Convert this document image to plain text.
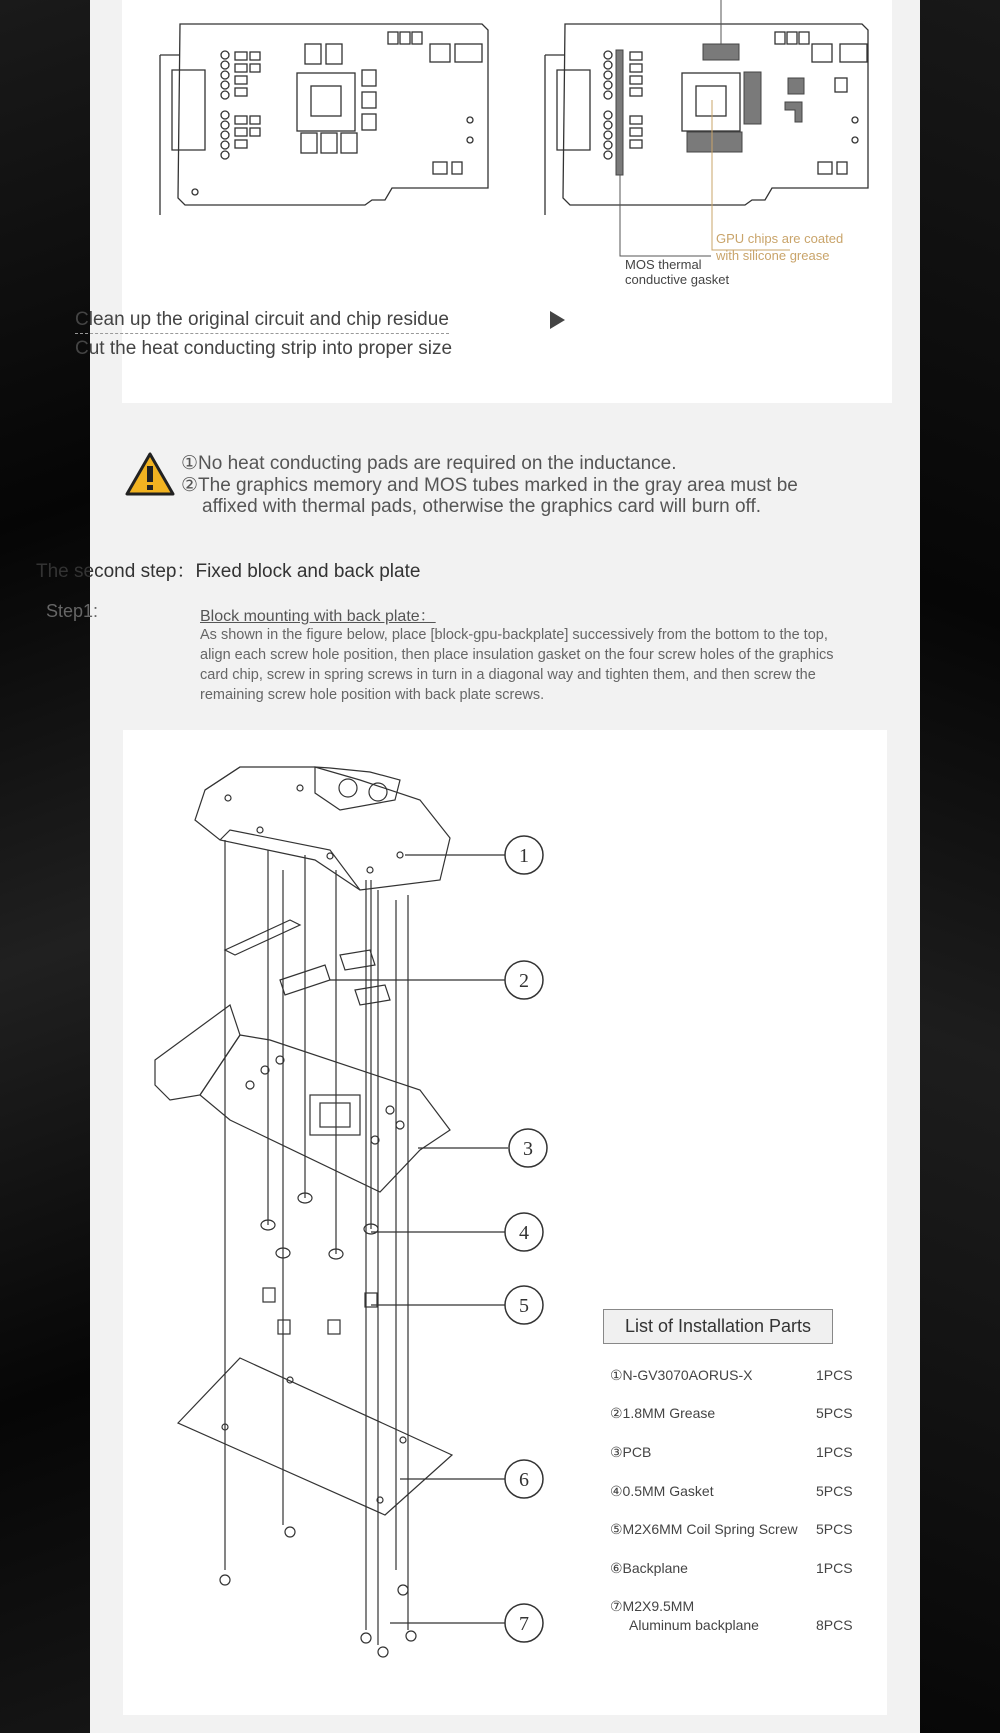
MOS thermal
conductive gasket
GPU chips are coated
with silicone grease
Clean up the original circuit and chip residue
Cut the heat conducting strip into proper size
①No heat conducting pads are required on the inductance.
②The graphics memory and MOS tubes marked in the gray area must be
affixed with thermal pads, otherwise the graphics card will burn off.
The second step：Fixed block and back plate
Step1:	Block mounting with back plate：
As shown in the figure below, place [block-gpu-backplate] successively from the bottom to the top, align each screw hole position, then place insulation gasket on the four screw holes of the graphics card chip, screw in spring screws in turn in a diagonal way and tighten them, and then screw the remaining screw hole position with back plate screws.
1
2
3
4
5
6
7
List of Installation Parts
①N-GV3070AORUS-X	1PCS
②1.8MM Grease	5PCS
③PCB	1PCS
④0.5MM Gasket	5PCS
⑤M2X6MM Coil Spring Screw 5PCS
⑥Backplane	1PCS
⑦M2X9.5MM
Aluminum backplane	8PCS
